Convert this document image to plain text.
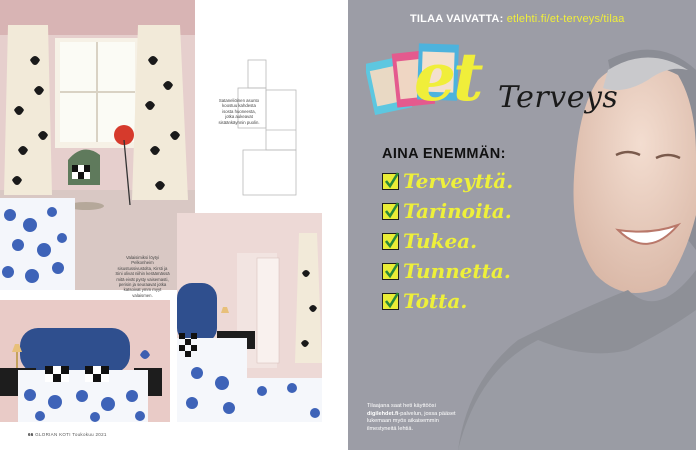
Sataneliöinen asunto koostuu kahdesta isosta huoneesta, jotka aukeavat sisäänkäynnin puolin.
Valaisimiksi löytyi Pelkonheim sisustussivustolta, Kirsti ja Sini olivat niihin keräämässä mitä eivät pysty vaisemasti, perisin ja seuraavat jotka katsoivat ymm myyt valaismen.
66 GLORIAN KOTI Toukokuu 2021
TILAA VAIVATTA: etlehti.fi/et-terveys/tilaa
et Terveys
AINA ENEMMÄN:
Terveyttä.
Tarinoita.
Tukea.
Tunnetta.
Totta.
Tilaajana saat heti käyttöösi digilehdet.fi-palvelun, jossa pääset lukemaan myös aikaisemmin ilmestyneitä lehtiä.
